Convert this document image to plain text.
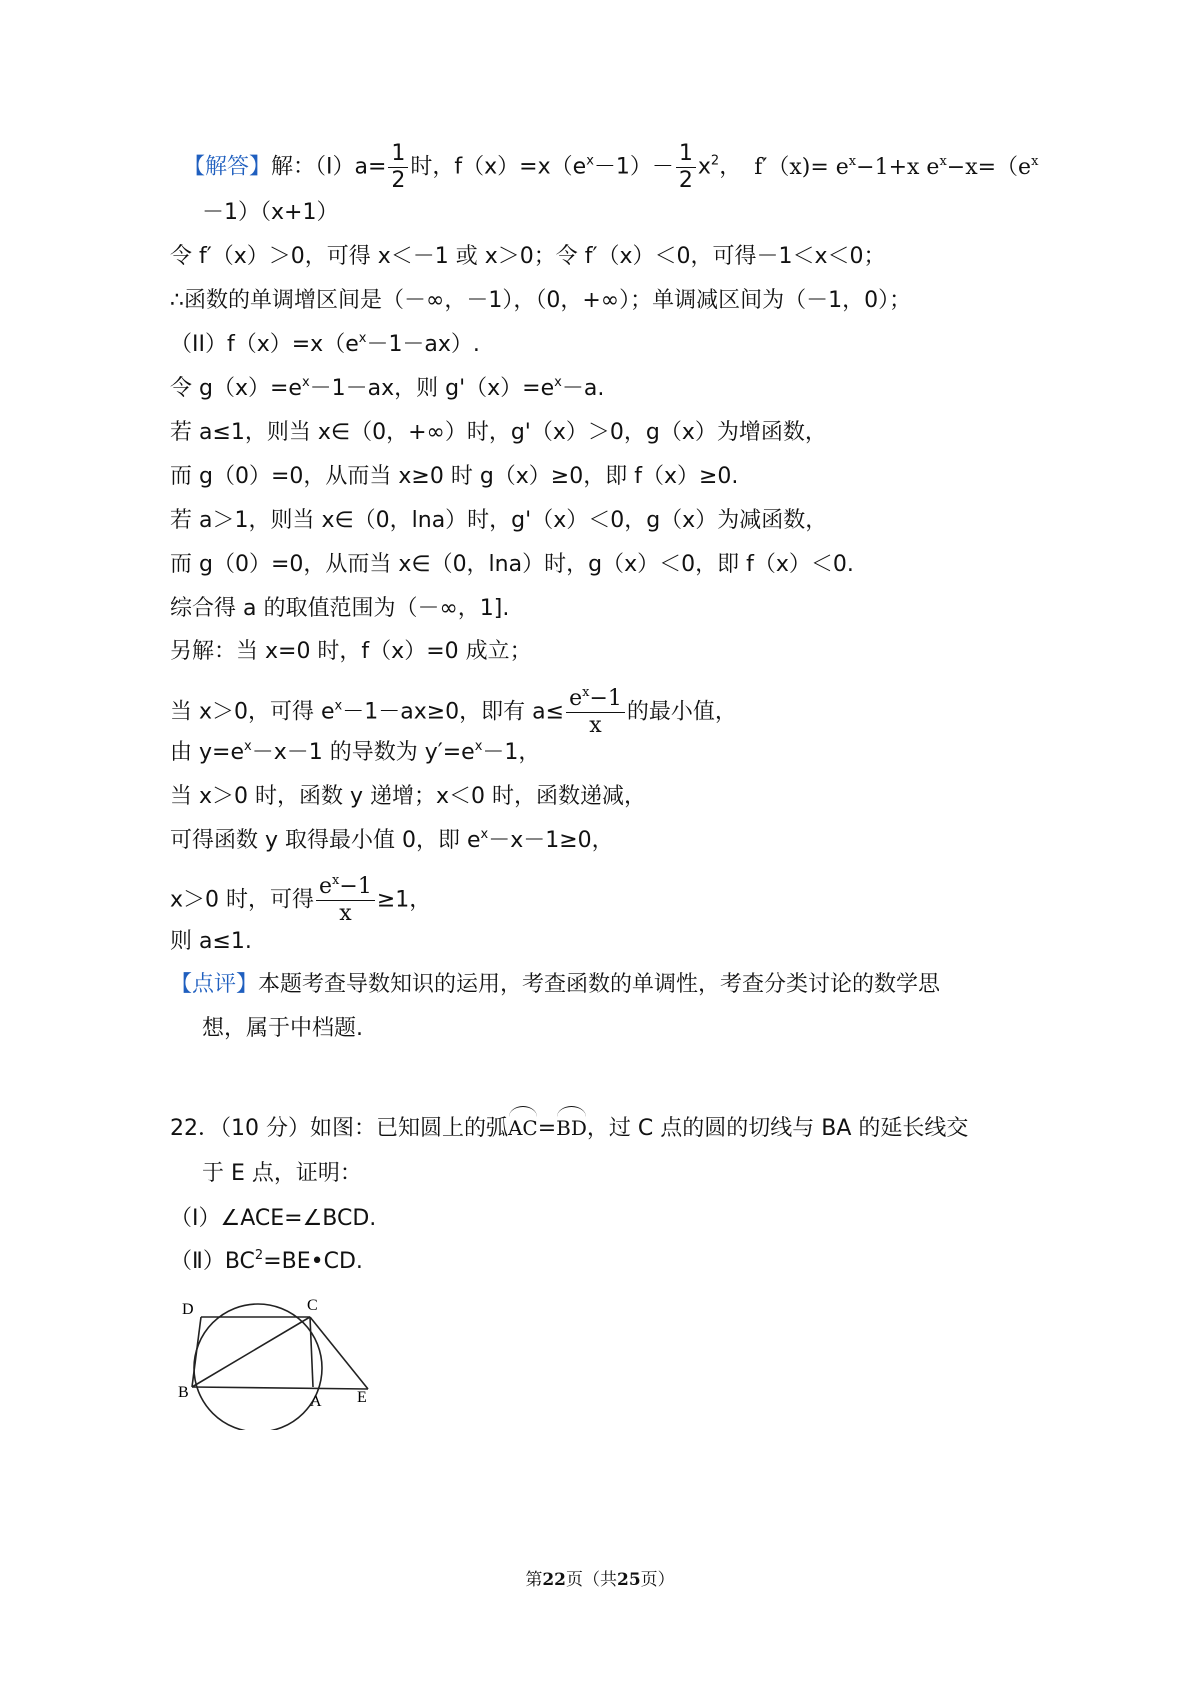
【解答】解：$(I)a= \frac{1}{2}$ 时，$f(x)=x(e^x-1)- \frac{1}{2} x^2$， $f'(x)= e^x-1+x$ $e^x-x=(e^x$
－1）（x+1）
令 f′（x）＞0，可得 x＜－1 或 x＞0；令 f′（x）＜0，可得－1＜x＜0；
∴函数的单调增区间是（－∞，－1），（0，+∞）；单调减区间为（－1，0）；
$(II)f(x)=x(e^x-1-ax)$.
令 $g(x)=e^x-1-ax$，则 $g'(x)=e^x-a$.
若 a≤1，则当 x∈（0，+∞）时，g'（x）＞0，g（x）为增函数，
而 g（0）=0，从而当 x≥0 时 g（x）≥0，即 f（x）≥0.
若 a＞1，则当 x∈（0，lna）时，g'（x）＜0，g（x）为减函数，
而 g（0）=0，从而当 x∈（0，lna）时，g（x）＜0，即 f（x）＜0.
综合得 a 的取值范围为（－∞，1].
另解：当 x=0 时，f（x）=0 成立；
当 x＞0，可得 $e^x-1-ax\ge 0$，即有 $a\le \frac{e^x-1}{x}$ 的最小值，
由 $y=e^x-x-1$ 的导数为 $y'=e^x-1$，
当 x＞0 时，函数 y 递增；x＜0 时，函数递减，
可得函数 y 取得最小值 0，即 $e^x-x-1\ge 0$，
x＞0 时，可得 $\frac{e^x-1}{x} \ge 1$，
则 a≤1.
【点评】本题考查导数知识的运用，考查函数的单调性，考查分类讨论的数学思
想，属于中档题.
22．（10 分）如图：已知圆上的弧AC=BD，过 C 点的圆的切线与 BA 的延长线交
于 E 点，证明：
（Ⅰ）∠ACE=∠BCD.
$(Ⅱ)BC^2=BE•CD$.
D	C
B
A E
第22页（共25页）
